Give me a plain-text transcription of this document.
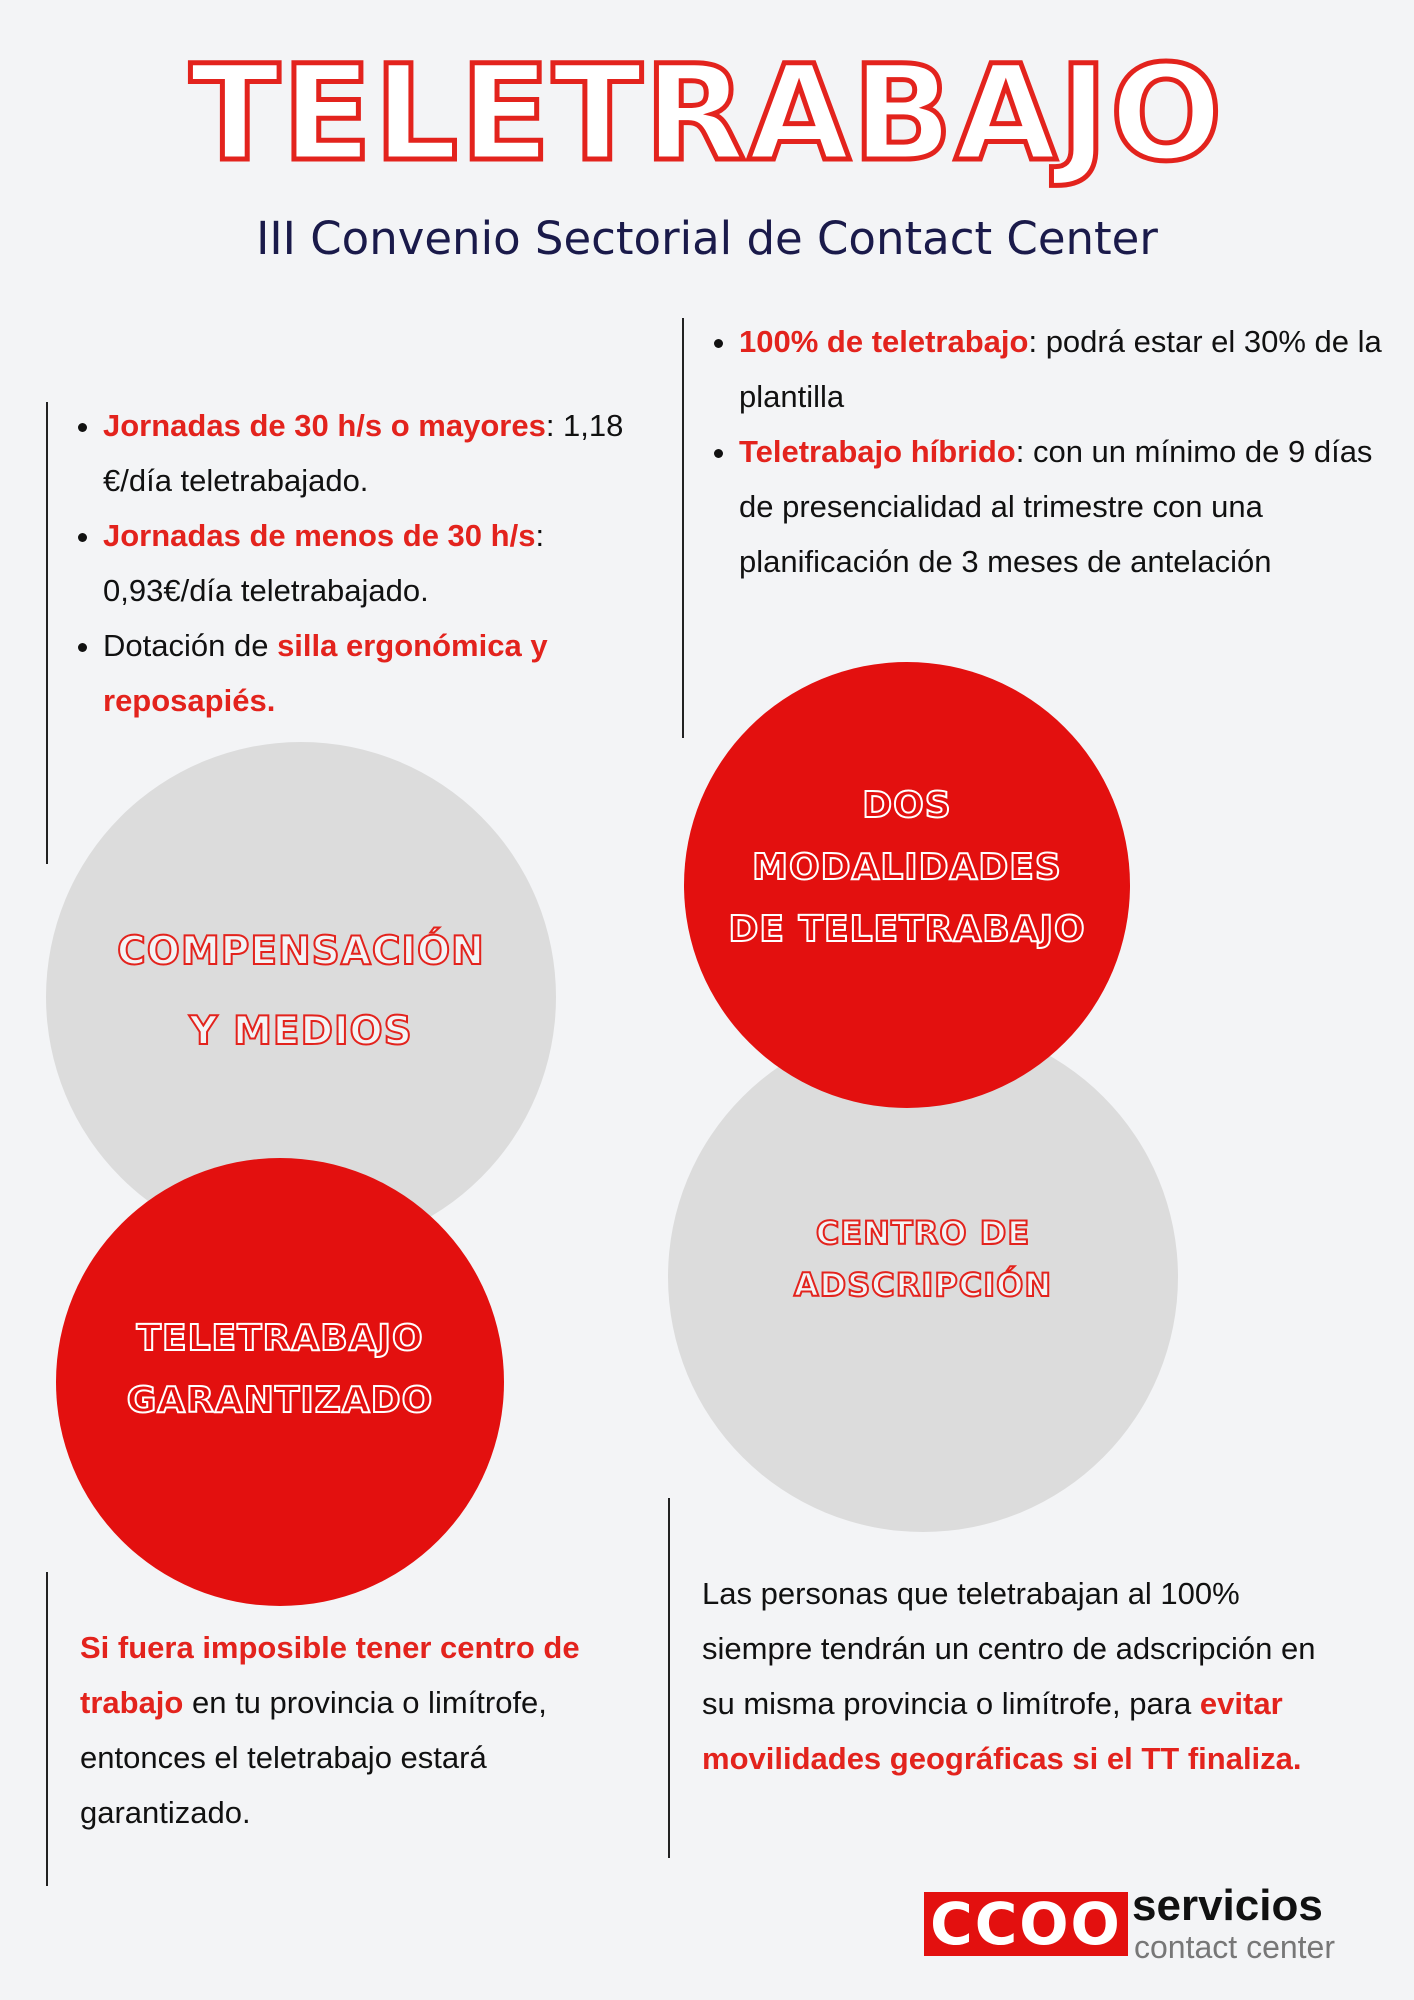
TELETRABAJO
III Convenio Sectorial de Contact Center
• Jornadas de 30 h/s o mayores: 1,18 €/día teletrabajado.
• Jornadas de menos de 30 h/s: 0,93€/día teletrabajado.
• Dotación de silla ergonómica y reposapiés.
• 100% de teletrabajo: podrá estar el 30% de la plantilla
• Teletrabajo híbrido: con un mínimo de 9 días de presencialidad al trimestre con una planificación de 3 meses de antelación
COMPENSACIÓN
Y MEDIOS
CENTRO DE
ADSCRIPCIÓN
TELETRABAJO
GARANTIZADO
DOS
MODALIDADES
DE TELETRABAJO

Si fuera imposible tener centro de trabajo en tu provincia o limítrofe, entonces el teletrabajo estará garantizado.

Las personas que teletrabajan al 100% siempre tendrán un centro de adscripción en su misma provincia o limítrofe, para evitar movilidades geográficas si el TT finaliza.

CCOO servicios
contact center
